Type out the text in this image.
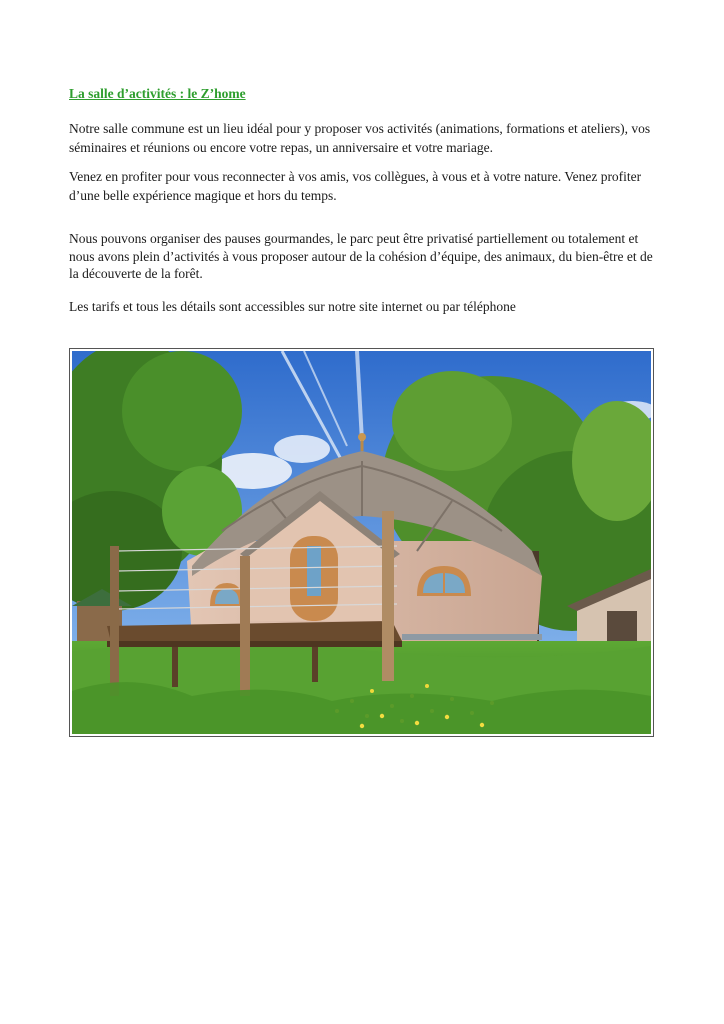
La salle d’activités : le Z’home

Notre salle commune est un lieu idéal pour y proposer vos activités (animations, formations et ateliers), vos séminaires et réunions ou encore votre repas, un anniversaire et votre mariage.

Venez en profiter pour vous reconnecter à vos amis, vos collègues, à vous et à votre nature. Venez profiter d’une belle expérience magique et hors du temps.

Nous pouvons organiser des pauses gourmandes, le parc peut être privatisé partiellement ou totalement et nous avons plein d’activités à vous proposer autour de la cohésion d’équipe, des animaux, du bien-être et de la découverte de la forêt.

Les tarifs et tous les détails sont accessibles sur notre site internet ou par téléphone
